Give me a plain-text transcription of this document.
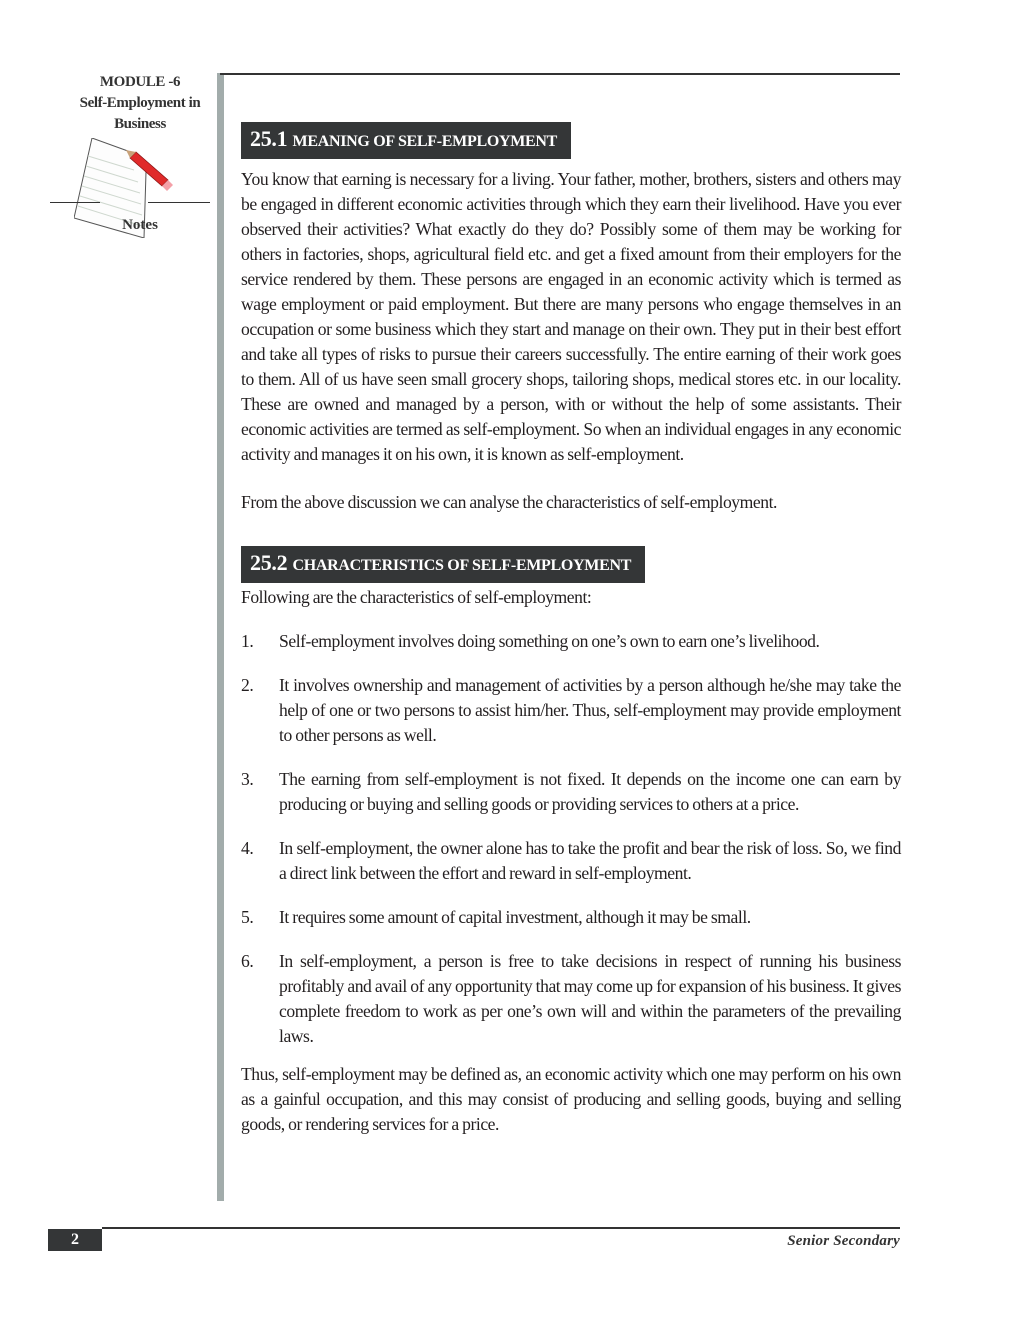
MODULE -6
Self-Employment in
Business
Notes
25.1 MEANING OF SELF-EMPLOYMENT

You know that earning is necessary for a living. Your father, mother, brothers, sisters and others may be engaged in different economic activities through which they earn their livelihood. Have you ever observed their activities? What exactly do they do? Possibly some of them may be working for others in factories, shops, agricultural field etc. and get a fixed amount from their employers for the service rendered by them. These persons are engaged in an economic activity which is termed as wage employment or paid employment. But there are many persons who engage themselves in an occupation or some business which they start and manage on their own. They put in their best effort and take all types of risks to pursue their careers successfully. The entire earning of their work goes to them. All of us have seen small grocery shops, tailoring shops, medical stores etc. in our locality. These are owned and managed by a person, with or without the help of some assistants. Their economic activities are termed as self-employment. So when an individual engages in any economic activity and manages it on his own, it is known as self-employment.

From the above discussion we can analyse the characteristics of self-employment.

25.2 CHARACTERISTICS OF SELF-EMPLOYMENT

Following are the characteristics of self-employment:

1.	Self-employment involves doing something on one’s own to earn one’s livelihood.
2.	It involves ownership and management of activities by a person although he/she may take the help of one or two persons to assist him/her. Thus, self-employment may provide employment to other persons as well.
3.	The earning from self-employment is not fixed. It depends on the income one can earn by producing or buying and selling goods or providing services to others at a price.
4.	In self-employment, the owner alone has to take the profit and bear the risk of loss. So, we find a direct link between the effort and reward in self-employment.
5.	It requires some amount of capital investment, although it may be small.
6.	In self-employment, a person is free to take decisions in respect of running his business profitably and avail of any opportunity that may come up for expansion of his business. It gives complete freedom to work as per one’s own will and within the parameters of the prevailing laws.

Thus, self-employment may be defined as, an economic activity which one may perform on his own as a gainful occupation, and this may consist of producing and selling goods, buying and selling goods, or rendering services for a price.

2	Senior Secondary
